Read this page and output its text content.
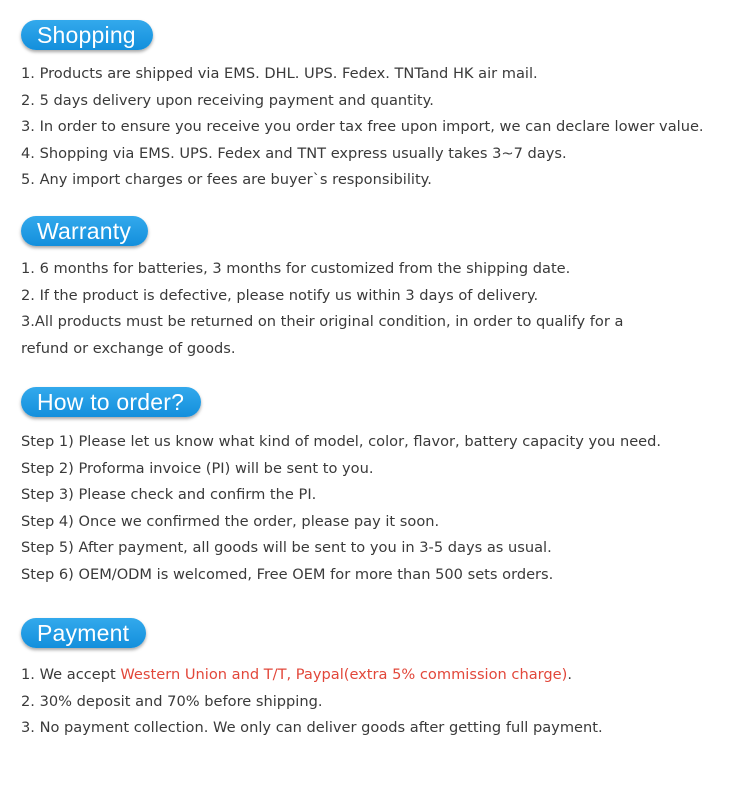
Shopping
1. Products are shipped via EMS. DHL. UPS. Fedex. TNTand HK air mail.
2. 5 days delivery upon receiving payment and quantity.
3. In order to ensure you receive you order tax free upon import, we can declare lower value.
4. Shopping via EMS. UPS. Fedex and TNT express usually takes 3~7 days.
5. Any import charges or fees are buyer`s responsibility.
Warranty
1. 6 months for batteries, 3 months for customized from the shipping date.
2. If the product is defective, please notify us within 3 days of delivery.
3.All products must be returned on their original condition, in order to qualify for a refund or exchange of goods.
How to order?
Step 1) Please let us know what kind of model, color, flavor, battery capacity you need.
Step 2) Proforma invoice (PI) will be sent to you.
Step 3) Please check and confirm the PI.
Step 4) Once we confirmed the order, please pay it soon.
Step 5) After payment, all goods will be sent to you in 3-5 days as usual.
Step 6) OEM/ODM is welcomed, Free OEM for more than 500 sets orders.
Payment
1. We accept Western Union and T/T, Paypal(extra 5% commission charge).
2. 30% deposit and 70% before shipping.
3. No payment collection. We only can deliver goods after getting full payment.
